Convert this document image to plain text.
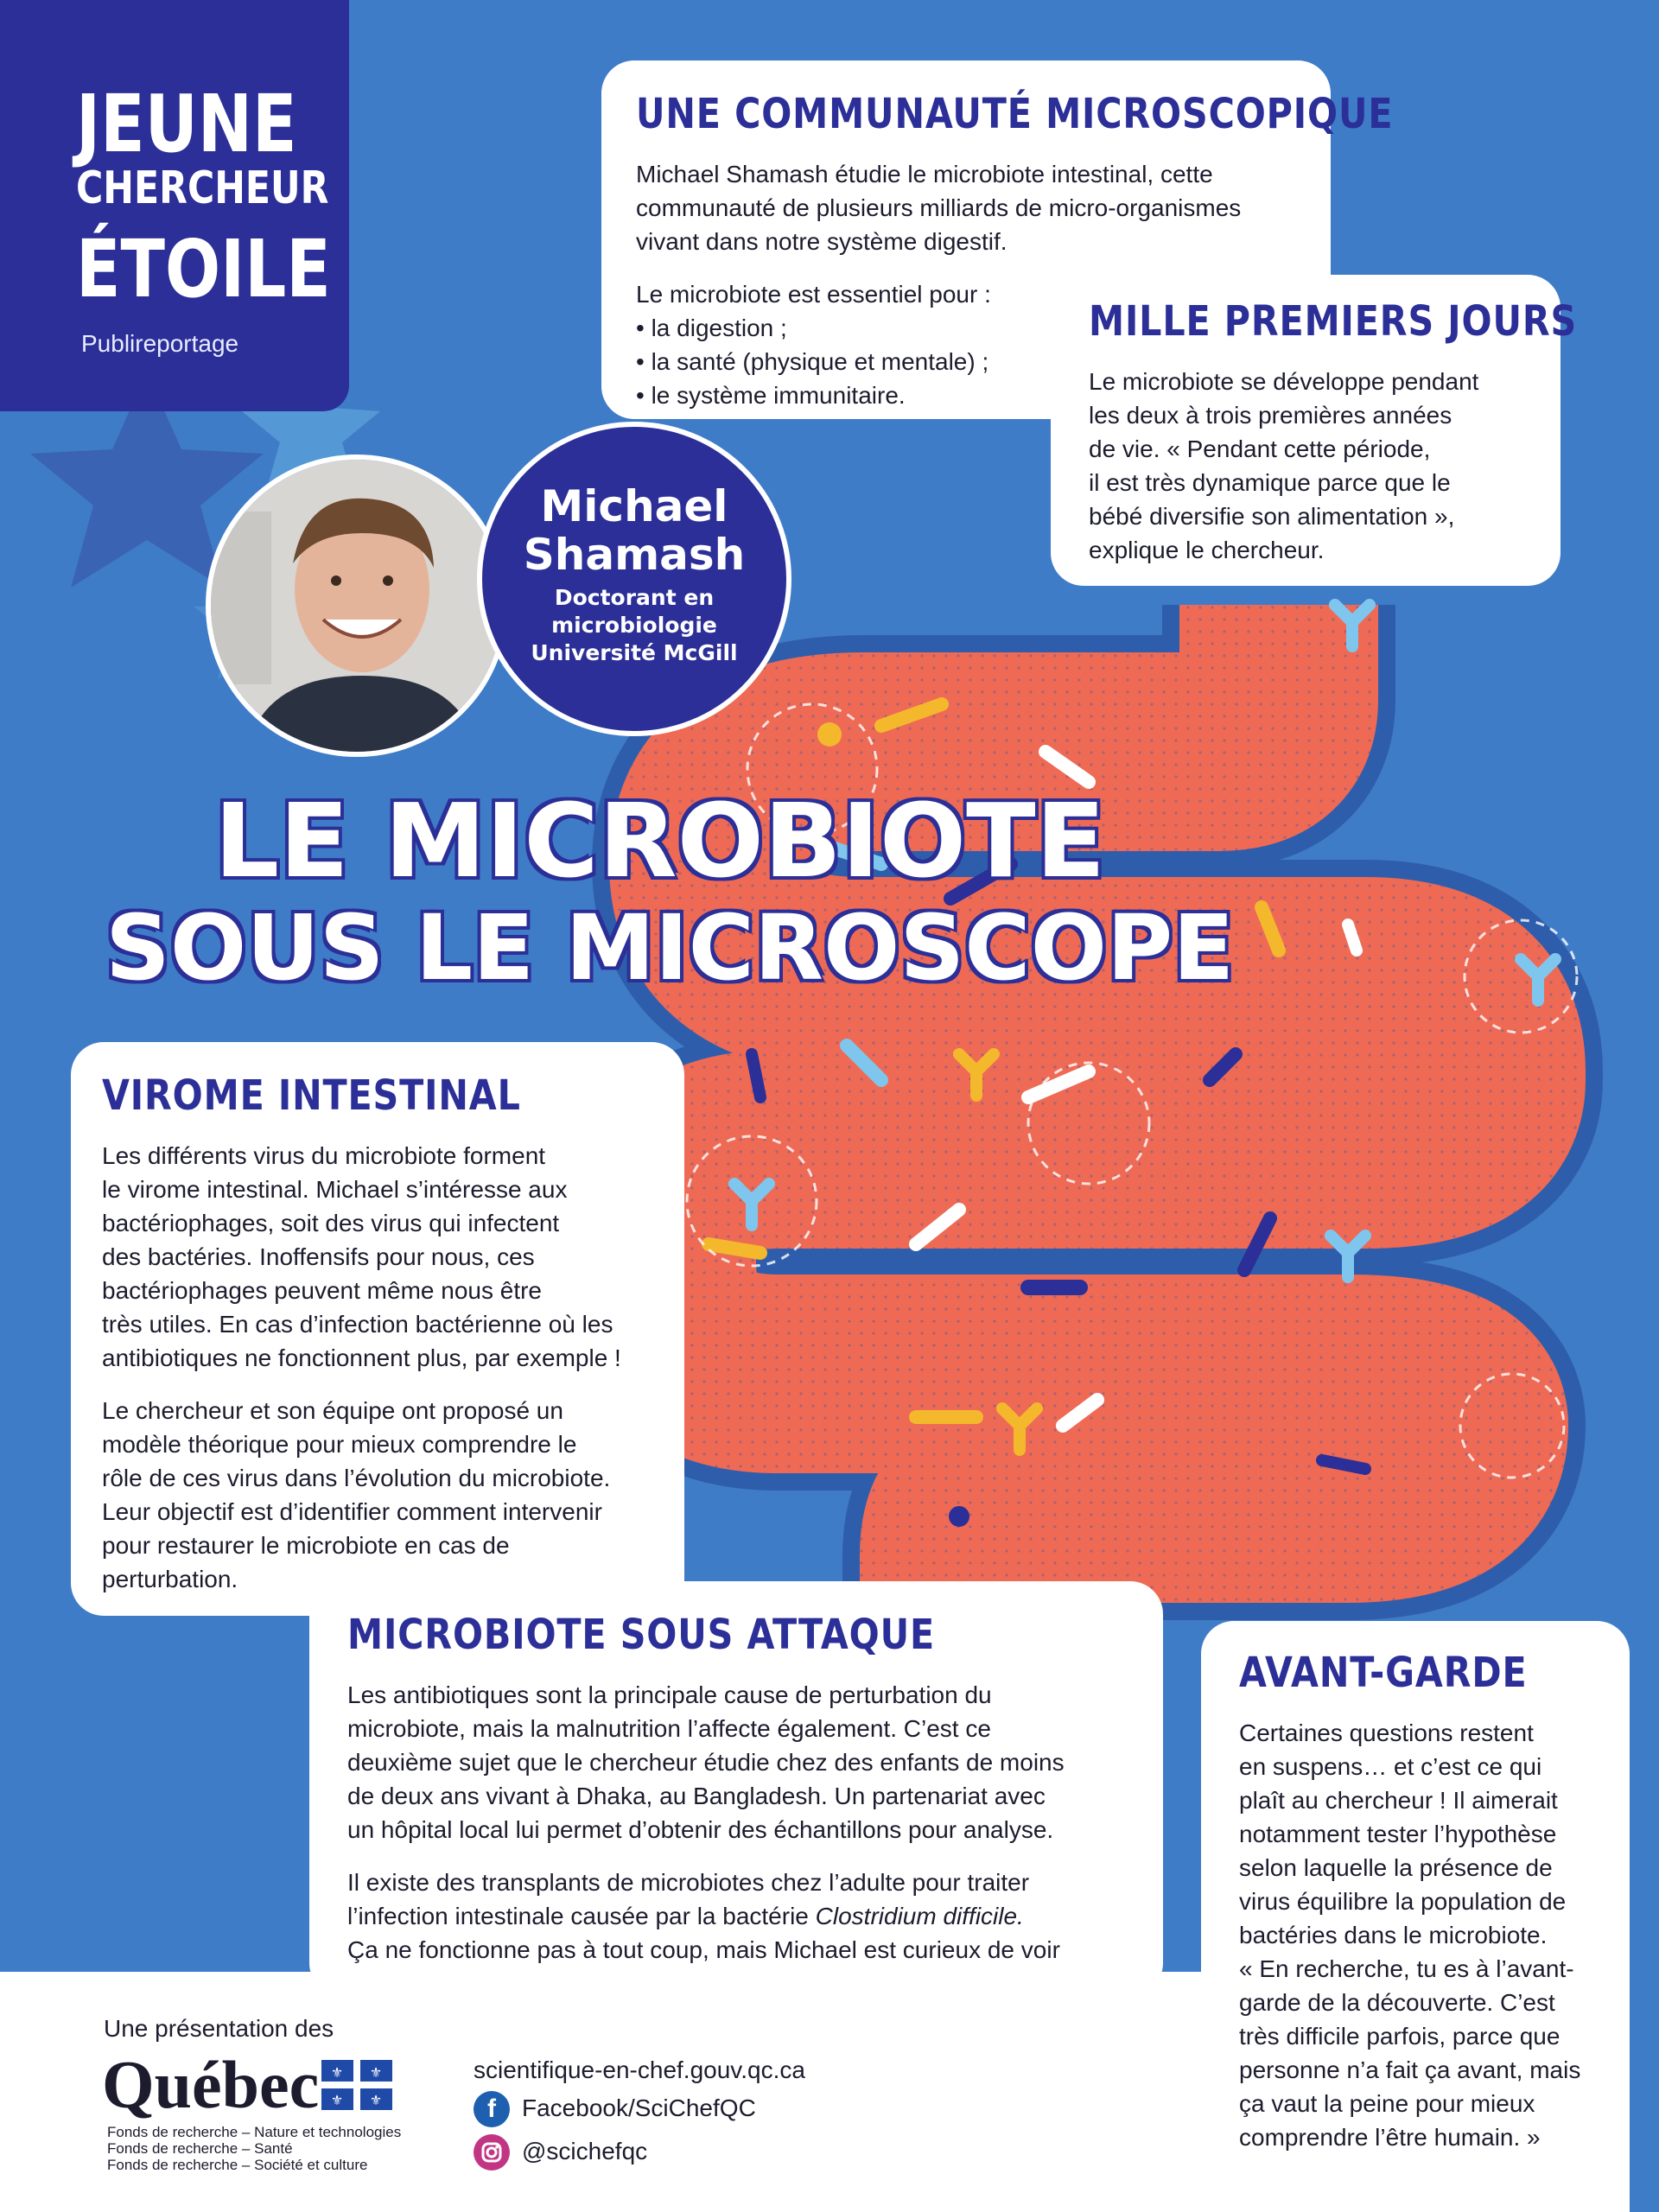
JEUNE
CHERCHEUR
ÉTOILE
Publireportage
UNE COMMUNAUTÉ MICROSCOPIQUE

Michael Shamash étudie le microbiote intestinal, cette
communauté de plusieurs milliards de micro-organismes
vivant dans notre système digestif.

Le microbiote est essentiel pour :
• la digestion ;
• la santé (physique et mentale) ;
• le système immunitaire.
MILLE PREMIERS JOURS
Le microbiote se développe pendant
les deux à trois premières années
de vie. « Pendant cette période,
il est très dynamique parce que le
bébé diversifie son alimentation »,
explique le chercheur.
Michael
Shamash
Doctorant en
microbiologie
Université McGill
LE MICROBIOTE
SOUS LE MICROSCOPE
VIROME INTESTINAL

Les différents virus du microbiote forment
le virome intestinal. Michael s’intéresse aux
bactériophages, soit des virus qui infectent
des bactéries. Inoffensifs pour nous, ces
bactériophages peuvent même nous être
très utiles. En cas d’infection bactérienne où les
antibiotiques ne fonctionnent plus, par exemple !

Le chercheur et son équipe ont proposé un
modèle théorique pour mieux comprendre le
rôle de ces virus dans l’évolution du microbiote.
Leur objectif est d’identifier comment intervenir
pour restaurer le microbiote en cas de
perturbation.

MICROBIOTE SOUS ATTAQUE

Les antibiotiques sont la principale cause de perturbation du
microbiote, mais la malnutrition l’affecte également. C’est ce
deuxième sujet que le chercheur étudie chez des enfants de moins
de deux ans vivant à Dhaka, au Bangladesh. Un partenariat avec
un hôpital local lui permet d’obtenir des échantillons pour analyse.

Il existe des transplants de microbiotes chez l’adulte pour traiter
l’infection intestinale causée par la bactérie Clostridium difficile.
Ça ne fonctionne pas à tout coup, mais Michael est curieux de voir

Une présentation des
Québec ⚜ ⚜
⚜ ⚜
Fonds de recherche – Nature et technologies
Fonds de recherche – Santé
Fonds de recherche – Société et culture
scientifique-en-chef.gouv.qc.ca
f	Facebook/SciChefQC
@scichefqc
AVANT-GARDE
Certaines questions restent
en suspens… et c’est ce qui
plaît au chercheur ! Il aimerait
notamment tester l’hypothèse
selon laquelle la présence de
virus équilibre la population de
bactéries dans le microbiote.
« En recherche, tu es à l’avant-
garde de la découverte. C’est
très difficile parfois, parce que
personne n’a fait ça avant, mais
ça vaut la peine pour mieux
comprendre l’être humain. »
